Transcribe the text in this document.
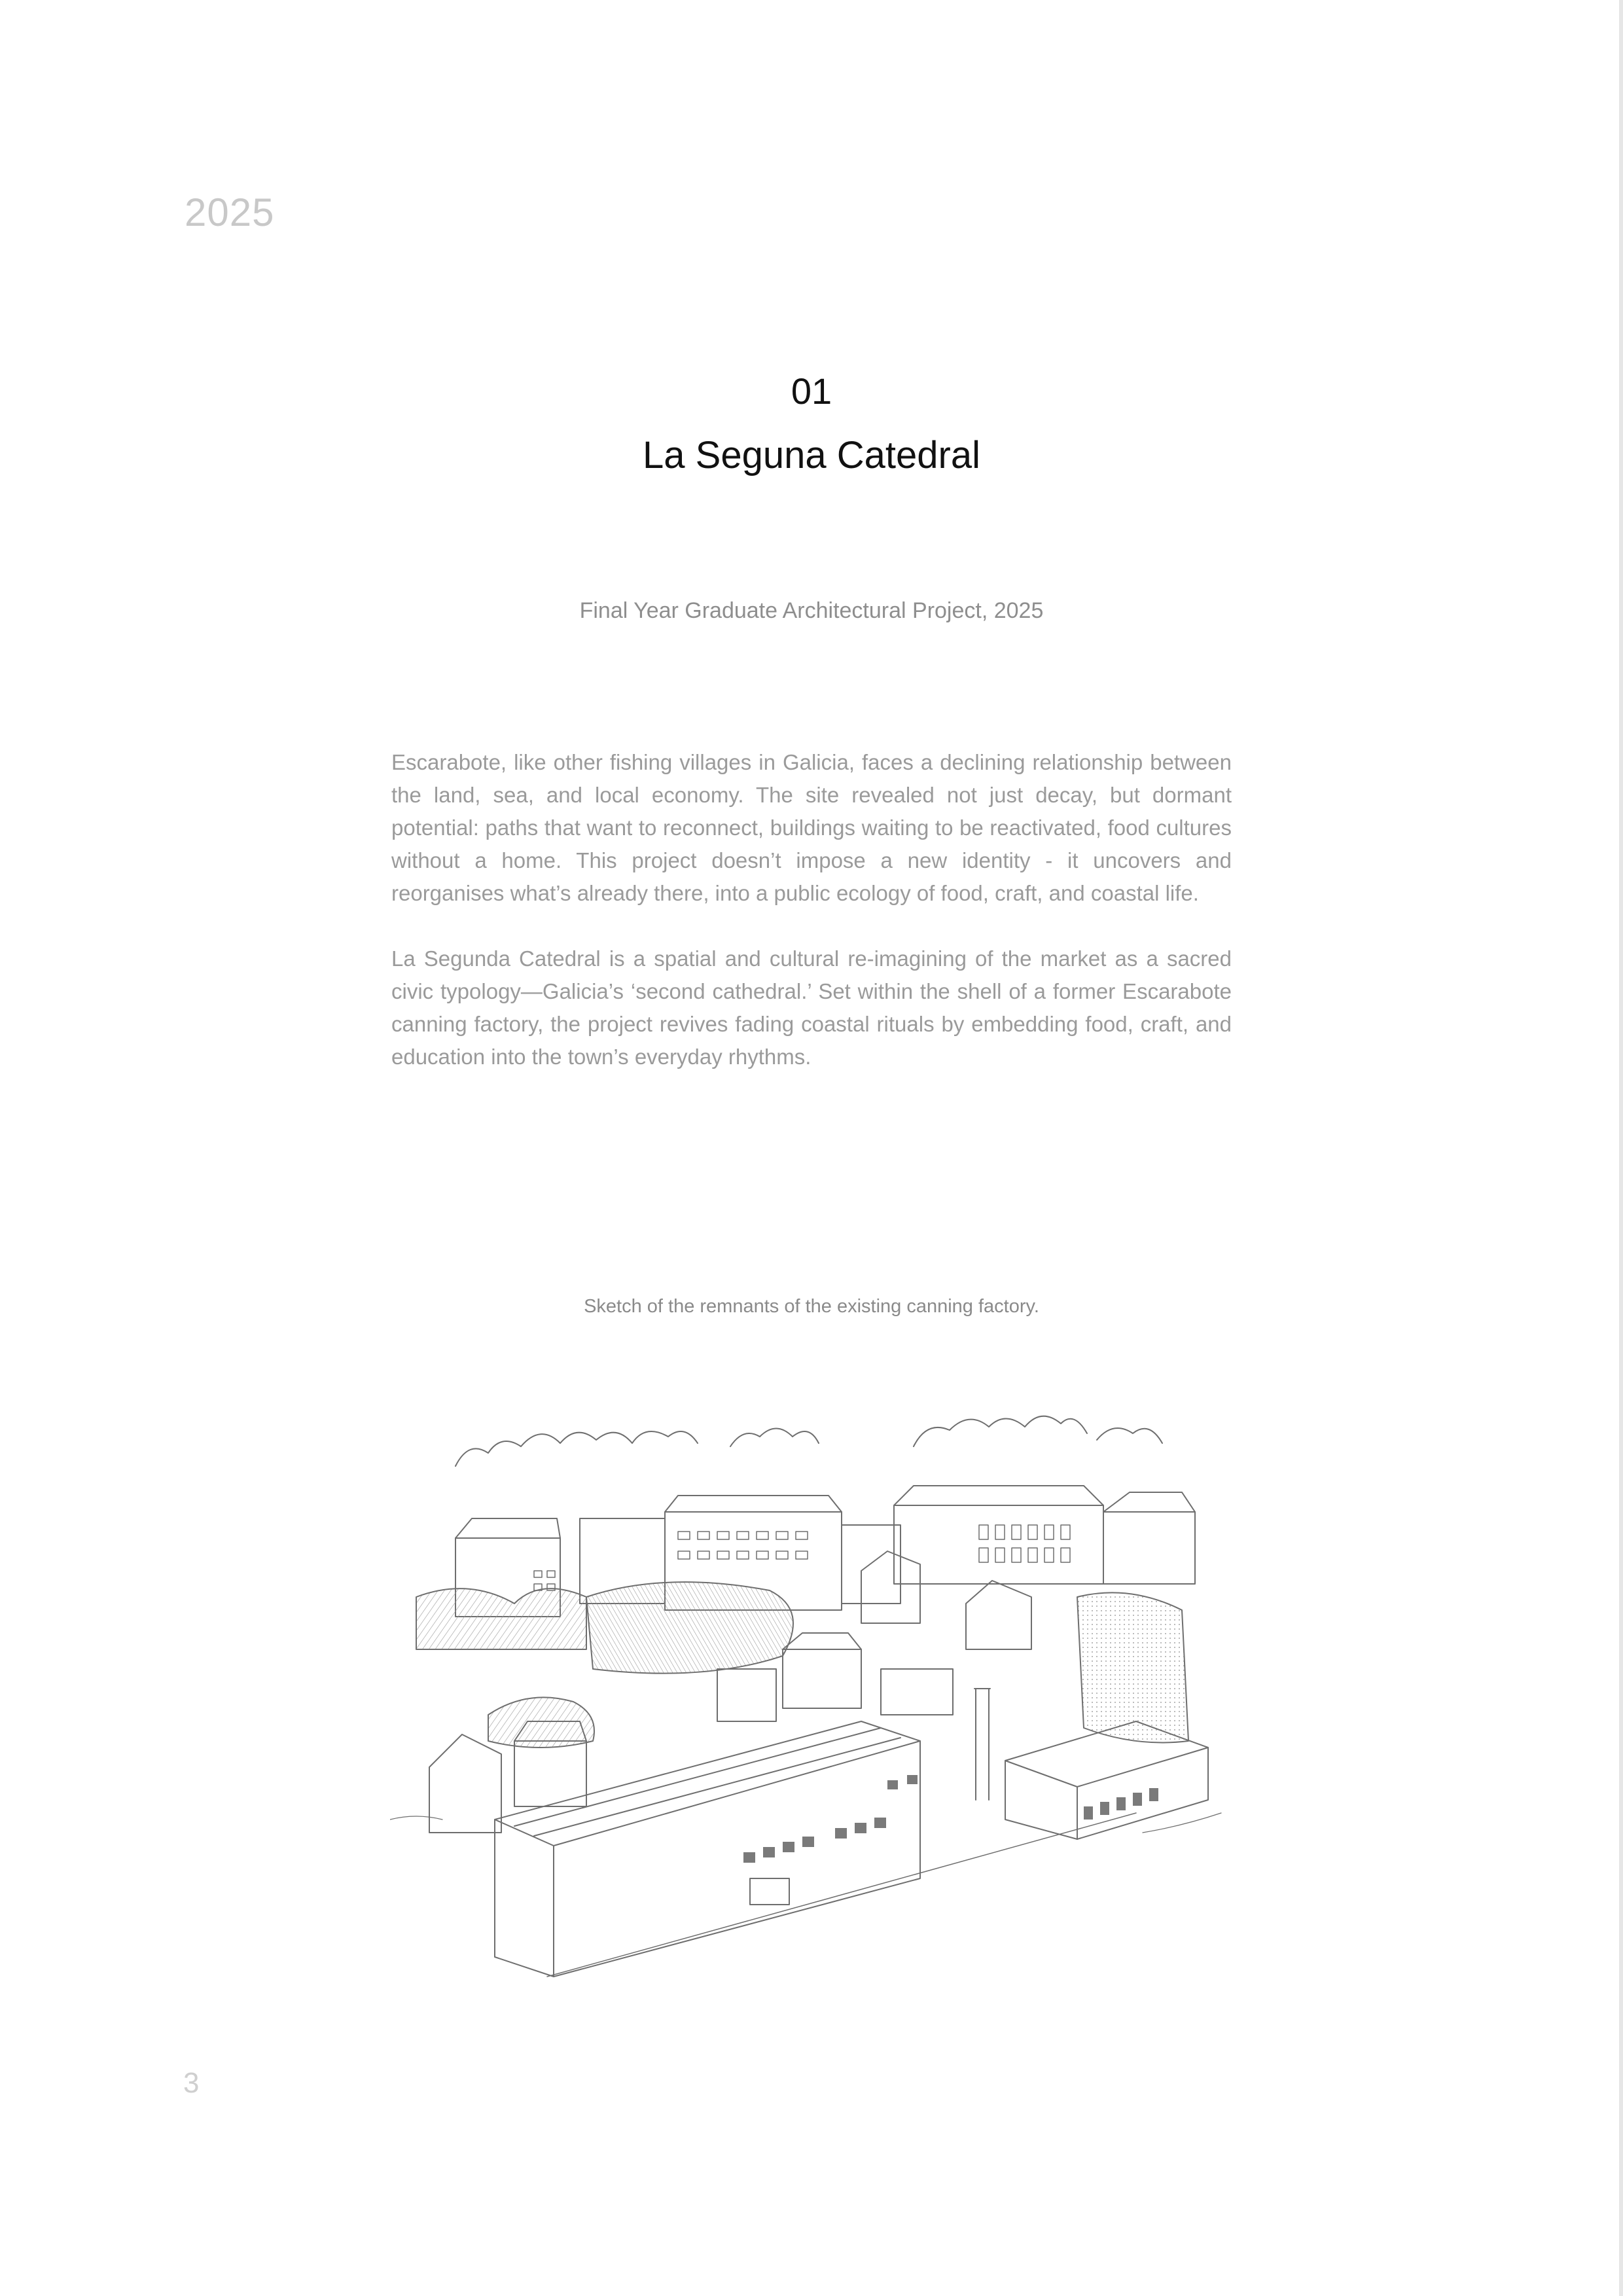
2025
01
La Seguna Catedral
Final Year Graduate Architectural Project, 2025

Escarabote, like other fishing villages in Galicia, faces a declining relationship between the land, sea, and local economy. The site revealed not just decay, but dormant potential: paths that want to reconnect, buildings waiting to be reactivated, food cultures without a home. This project doesn’t impose a new identity - it uncovers and reorganises what’s already there, into a public ecology of food, craft, and coastal life.

La Segunda Catedral is a spatial and cultural re-imagining of the market as a sacred civic typology—Galicia’s ‘second cathedral.’ Set within the shell of a former Escarabote canning factory, the project revives fading coastal rituals by embedding food, craft, and education into the town’s everyday rhythms.

Sketch of the remnants of the existing canning factory.
3
